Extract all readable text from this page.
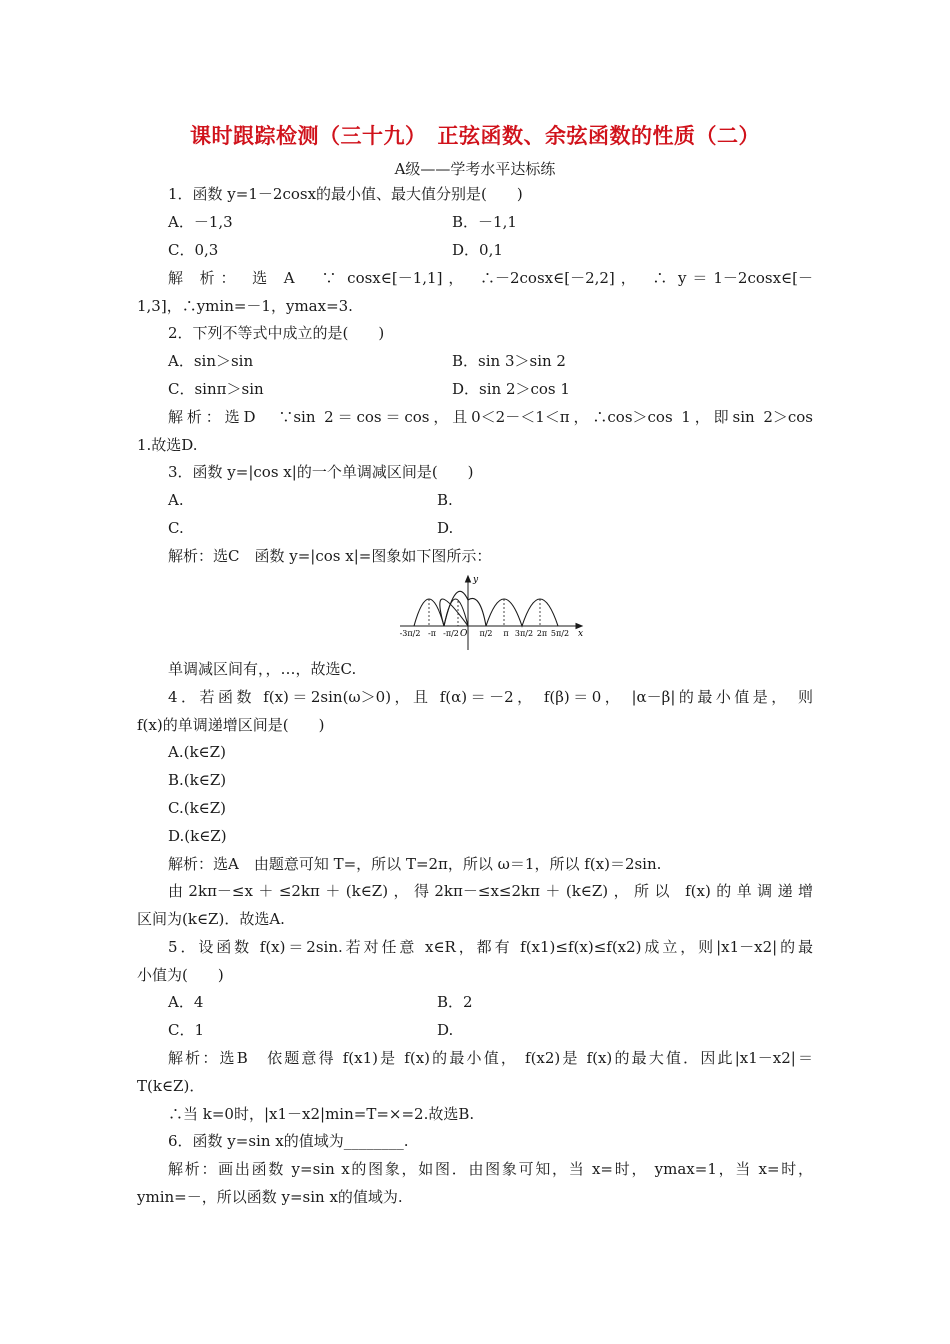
课时跟踪检测（三十九）　正弦函数、余弦函数的性质（二）
A级——学考水平达标练
1．函数 y=1－2cosx的最小值、最大值分别是(　　)
A．－1,3	B．－1,1
C．0,3	D．0,1
解 析： 选 A　∵ cosx∈[－1,1]， ∴－2cosx∈[－2,2]， ∴ y＝1－2cosx∈[－
1,3]，∴ymin=－1，ymax=3.
2．下列不等式中成立的是(　　)
A．sin＞sin	B．sin 3＞sin 2
C．sinπ＞sin	D．sin 2＞cos 1
解析：选D　∵sin 2＝cos＝cos，且0＜2－＜1＜π，∴cos＞cos 1，即sin 2＞cos
1.故选D.
3．函数 y=|cos x|的一个单调减区间是(　　)
A.	B.
C.	D.
解析：选C　函数 y=|cos x|=图象如下图所示：
y
x
O
-3π/2 -π -π/2	π/2 π 3π/2 2π 5π/2
单调减区间有，，…，故选C.
4．若函数 f(x)＝2sin(ω＞0)，且 f(α)＝－2， f(β)＝0， |α－β|的最小值是， 则
f(x)的单调递增区间是(　　)
A.(k∈Z)
B.(k∈Z)
C.(k∈Z)
D.(k∈Z)
解析：选A　由题意可知 T=，所以 T=2π，所以 ω＝1，所以 f(x)＝2sin.
由2kπ－≤x＋≤2kπ＋(k∈Z)，得2kπ－≤x≤2kπ＋(k∈Z)，所以 f(x)的单调递增
区间为(k∈Z)．故选A.
5．设函数 f(x)＝2sin.若对任意 x∈R，都有 f(x1)≤f(x)≤f(x2)成立，则|x1－x2|的最
小值为(　　)
A．4	B．2
C．1	D.
解析：选B　依题意得 f(x1)是 f(x)的最小值， f(x2)是 f(x)的最大值．因此|x1－x2|＝
T(k∈Z)．
∴当 k=0时，|x1－x2|min=T=×=2.故选B.
6．函数 y=sin x的值域为________.
解析：画出函数 y=sin x的图象，如图．由图象可知，当 x=时， ymax=1，当 x=时，
ymin=－，所以函数 y=sin x的值域为.
